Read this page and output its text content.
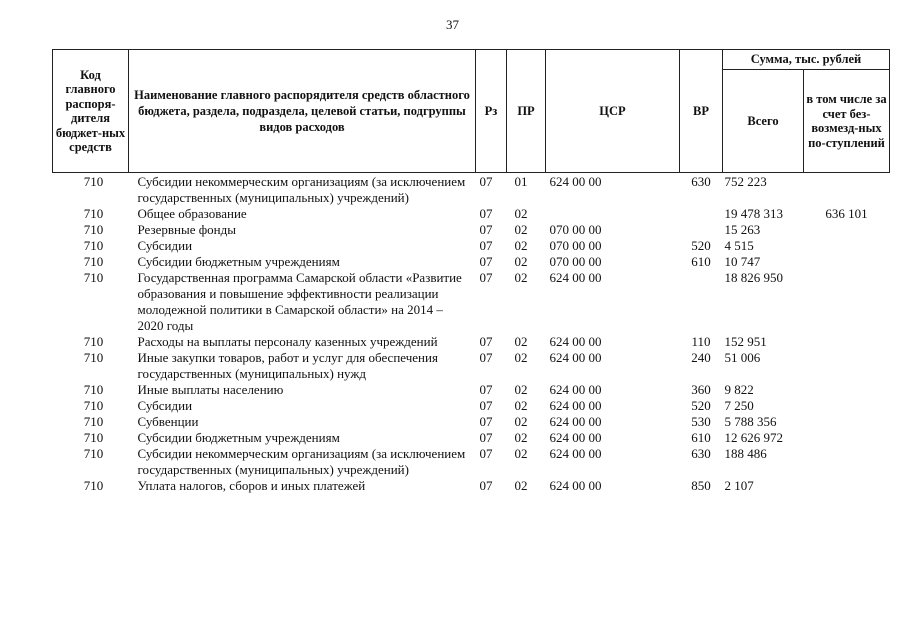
37
Код главного распоря-дителя бюджет-ных средств	Наименование главного распорядителя средств областного бюджета, раздела, подраздела, целевой статьи, подгруппы видов расходов	Рз	ПР	ЦСР	ВР	Сумма, тыс. рублей	
						Всего	в том числе за счет без-возмезд-ных по-ступлений
710	Субсидии некоммерческим организациям (за исключением государственных (муниципальных) учреждений)	07	01	624 00 00	630	752 223	
710	Общее образование	07	02			19 478 313	636 101
710	Резервные фонды	07	02	070 00 00		15 263	
710	Субсидии	07	02	070 00 00	520	4 515	
710	Субсидии бюджетным учреждениям	07	02	070 00 00	610	10 747	
710	Государственная программа Самарской области «Развитие образования и повышение эффективности реализации молодежной политики в Самарской области» на 2014 – 2020 годы	07	02	624 00 00		18 826 950	
710	Расходы на выплаты персоналу казенных учреждений	07	02	624 00 00	110	152 951	
710	Иные закупки товаров, работ и услуг для обеспечения государственных (муниципальных) нужд	07	02	624 00 00	240	51 006	
710	Иные выплаты населению	07	02	624 00 00	360	9 822	
710	Субсидии	07	02	624 00 00	520	7 250	
710	Субвенции	07	02	624 00 00	530	5 788 356	
710	Субсидии бюджетным учреждениям	07	02	624 00 00	610	12 626 972	
710	Субсидии некоммерческим организациям (за исключением государственных (муниципальных) учреждений)	07	02	624 00 00	630	188 486	
710	Уплата налогов, сборов и иных платежей	07	02	624 00 00	850	2 107	
